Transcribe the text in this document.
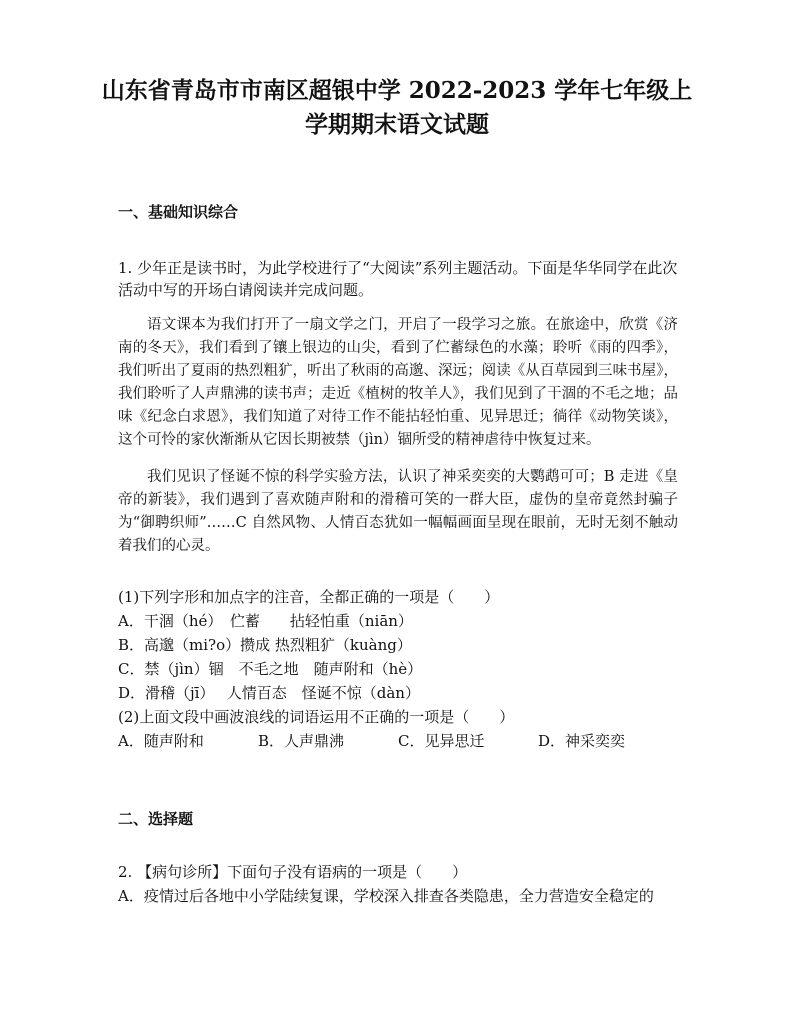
山东省青岛市市南区超银中学 2022-2023 学年七年级上
学期期末语文试题
一、基础知识综合
1. 少年正是读书时，为此学校进行了“大阅读”系列主题活动。下面是华华同学在此次活动中写的开场白请阅读并完成问题。

语文课本为我们打开了一扇文学之门，开启了一段学习之旅。在旅途中，欣赏《济南的冬天》，我们看到了镶上银边的山尖，看到了伫蓄绿色的水藻；聆听《雨的四季》，我们听出了夏雨的热烈粗犷，听出了秋雨的高邈、深远；阅读《从百草园到三味书屋》，我们聆听了人声鼎沸的读书声；走近《植树的牧羊人》，我们见到了干涸的不毛之地；品味《纪念白求恩》，我们知道了对待工作不能拈轻怕重、见异思迁；徜徉《动物笑谈》，这个可怜的家伙渐渐从它因长期被禁（jìn）锢所受的精神虐待中恢复过来。

我们见识了怪诞不惊的科学实验方法，认识了神采奕奕的大鹦鹉可可；B 走进《皇帝的新装》，我们遇到了喜欢随声附和的滑稽可笑的一群大臣，虚伪的皇帝竟然封骗子为“御聘织师”……C 自然风物、人情百态犹如一幅幅画面呈现在眼前，无时无刻不触动着我们的心灵。

(1)下列字形和加点字的注音，全都正确的一项是（　　）
A．干涸（hé）　伫蓄　　拈轻怕重（niān）
B．高邈（mi?o）攒成 热烈粗犷（kuàng）
C．禁（jìn）锢　不毛之地　随声附和（hè）
D．滑稽（jī）　 人情百态　怪诞不惊（dàn）
(2)上面文段中画波浪线的词语运用不正确的一项是（　　）
A．随声附和	B．人声鼎沸	C．见异思迁	D．神采奕奕
二、选择题
2. 【病句诊所】下面句子没有语病的一项是（　　）
A．疫情过后各地中小学陆续复课，学校深入排查各类隐患，全力营造安全稳定的
